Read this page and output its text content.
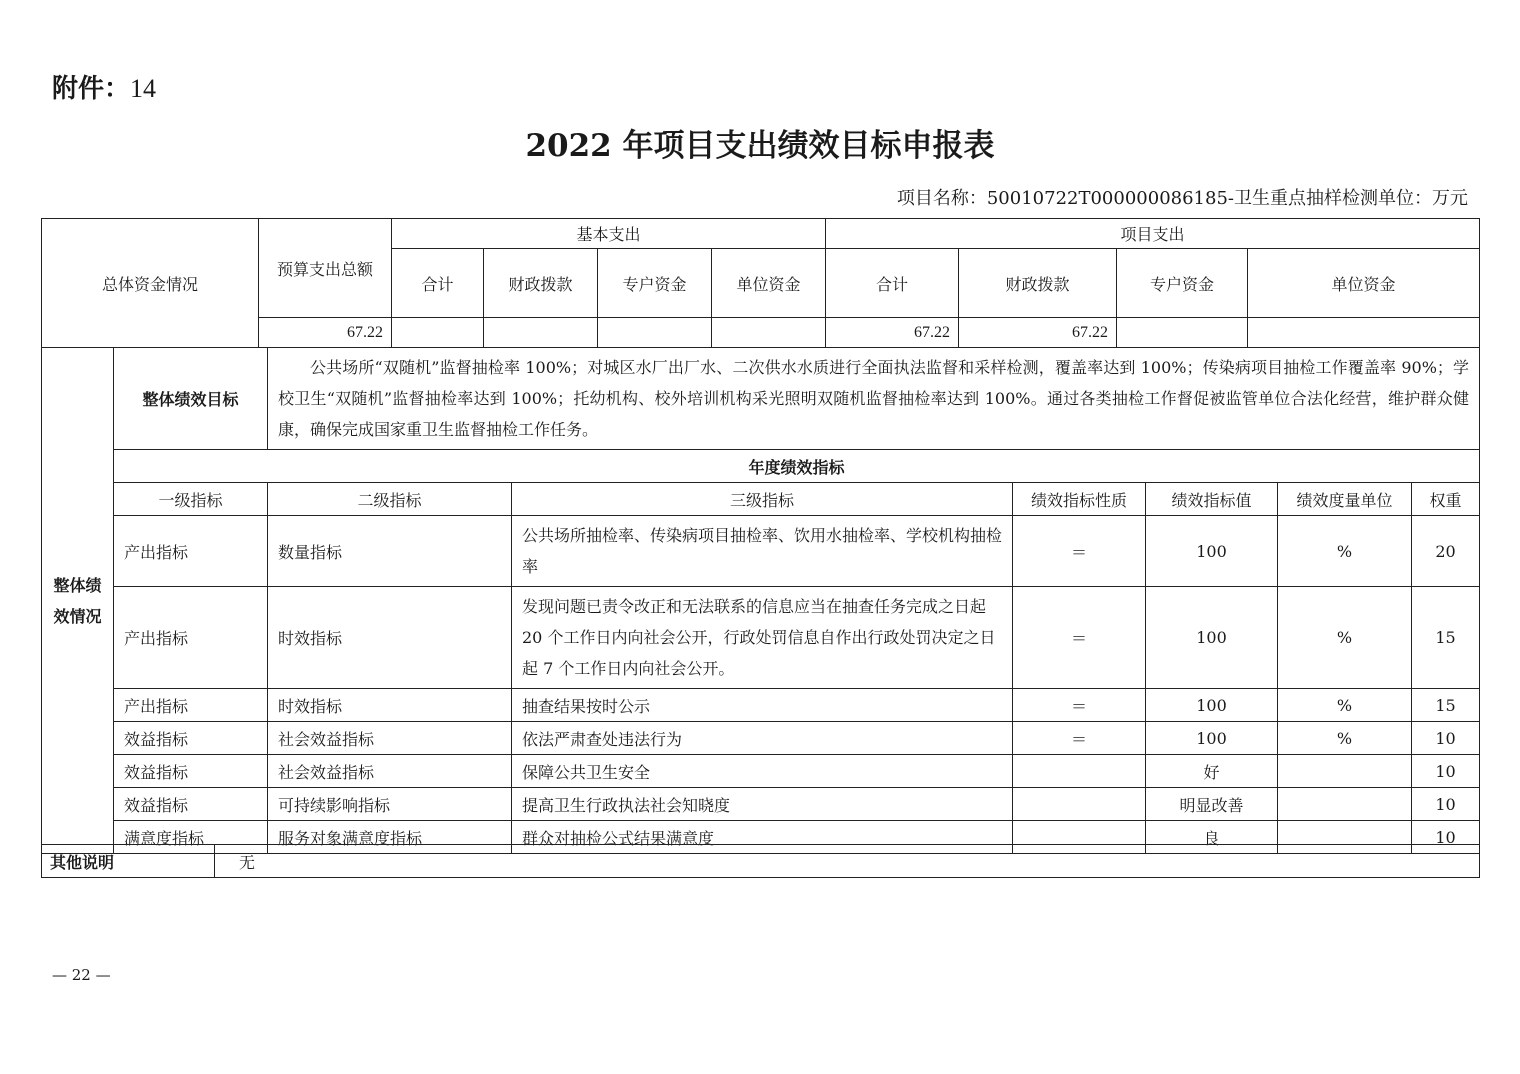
附件：14
2022 年项目支出绩效目标申报表
项目名称：50010722T000000086185-卫生重点抽样检测单位：万元
总体资金情况	预算支出总额	基本支出				项目支出			
		合计	财政拨款	专户资金	单位资金	合计	财政拨款	专户资金	单位资金
	67.22					67.22	67.22		
整体绩效情况	整体绩效目标	公共场所“双随机”监督抽检率 100%；对城区水厂出厂水、二次供水水质进行全面执法监督和采样检测，覆盖率达到 100%；传染病项目抽检工作覆盖率 90%；学校卫生“双随机”监督抽检率达到 100%；托幼机构、校外培训机构采光照明双随机监督抽检率达到 100%。通过各类抽检工作督促被监管单位合法化经营，维护群众健康，确保完成国家重卫生监督抽检工作任务。					
	年度绩效指标						
	一级指标	二级指标	三级指标	绩效指标性质	绩效指标值	绩效度量单位	权重
	产出指标	数量指标	公共场所抽检率、传染病项目抽检率、饮用水抽检率、学校机构抽检率	＝	100	%	20
	产出指标	时效指标	发现问题已责令改正和无法联系的信息应当在抽查任务完成之日起 20 个工作日内向社会公开，行政处罚信息自作出行政处罚决定之日起 7 个工作日内向社会公开。	＝	100	%	15
	产出指标	时效指标	抽查结果按时公示	＝	100	%	15
	效益指标	社会效益指标	依法严肃查处违法行为	＝	100	%	10
	效益指标	社会效益指标	保障公共卫生安全		好		10
	效益指标	可持续影响指标	提高卫生行政执法社会知晓度		明显改善		10
	满意度指标	服务对象满意度指标	群众对抽检公式结果满意度		良		10
其他说明	无
— 22 —
